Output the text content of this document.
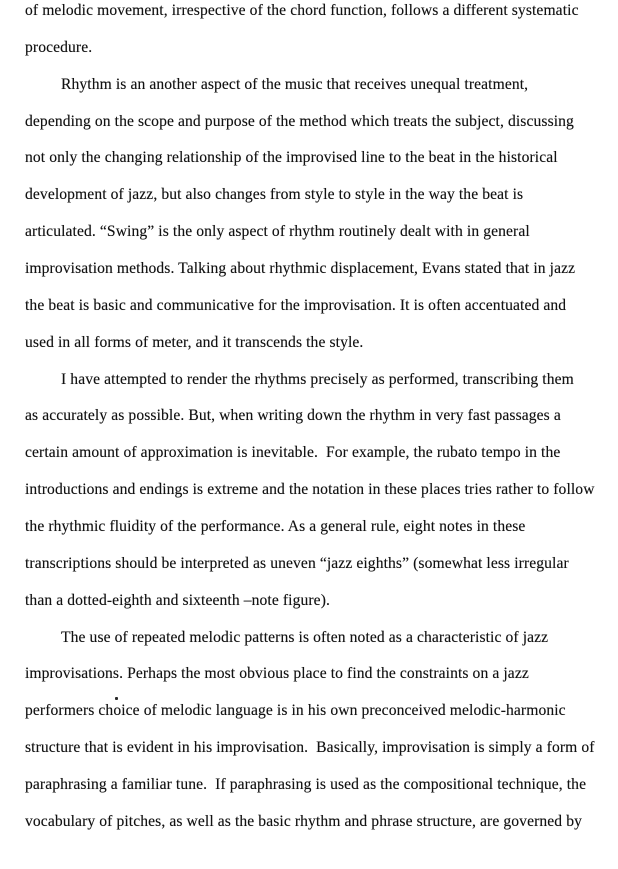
of melodic movement, irrespective of the chord function, follows a different systematic
procedure.
Rhythm is an another aspect of the music that receives unequal treatment,
depending on the scope and purpose of the method which treats the subject, discussing
not only the changing relationship of the improvised line to the beat in the historical
development of jazz, but also changes from style to style in the way the beat is
articulated. “Swing” is the only aspect of rhythm routinely dealt with in general
improvisation methods. Talking about rhythmic displacement, Evans stated that in jazz
the beat is basic and communicative for the improvisation. It is often accentuated and
used in all forms of meter, and it transcends the style.
I have attempted to render the rhythms precisely as performed, transcribing them
as accurately as possible. But, when writing down the rhythm in very fast passages a
certain amount of approximation is inevitable.  For example, the rubato tempo in the
introductions and endings is extreme and the notation in these places tries rather to follow
the rhythmic fluidity of the performance. As a general rule, eight notes in these
transcriptions should be interpreted as uneven “jazz eighths” (somewhat less irregular
than a dotted-eighth and sixteenth –note figure).
The use of repeated melodic patterns is often noted as a characteristic of jazz
improvisations. Perhaps the most obvious place to find the constraints on a jazz
performers choice of melodic language is in his own preconceived melodic-harmonic
structure that is evident in his improvisation.  Basically, improvisation is simply a form of
paraphrasing a familiar tune.  If paraphrasing is used as the compositional technique, the
vocabulary of pitches, as well as the basic rhythm and phrase structure, are governed by
